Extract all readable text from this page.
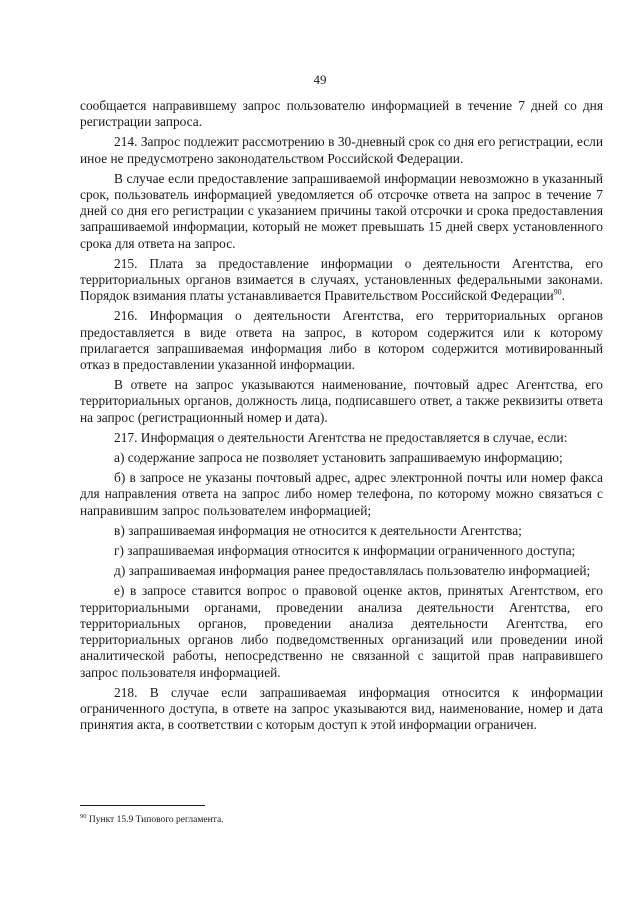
49

сообщается направившему запрос пользователю информацией в течение 7 дней со дня регистрации запроса.

214. Запрос подлежит рассмотрению в 30-дневный срок со дня его регистрации, если иное не предусмотрено законодательством Российской Федерации.

В случае если предоставление запрашиваемой информации невозможно в указанный срок, пользователь информацией уведомляется об отсрочке ответа на запрос в течение 7 дней со дня его регистрации с указанием причины такой отсрочки и срока предоставления запрашиваемой информации, который не может превышать 15 дней сверх установленного срока для ответа на запрос.

215. Плата за предоставление информации о деятельности Агентства, его территориальных органов взимается в случаях, установленных федеральными законами. Порядок взимания платы устанавливается Правительством Российской Федерации$^{90}$.

216. Информация о деятельности Агентства, его территориальных органов предоставляется в виде ответа на запрос, в котором содержится или к которому прилагается запрашиваемая информация либо в котором содержится мотивированный отказ в предоставлении указанной информации.

В ответе на запрос указываются наименование, почтовый адрес Агентства, его территориальных органов, должность лица, подписавшего ответ, а также реквизиты ответа на запрос (регистрационный номер и дата).

217. Информация о деятельности Агентства не предоставляется в случае, если:

а) содержание запроса не позволяет установить запрашиваемую информацию;

б) в запросе не указаны почтовый адрес, адрес электронной почты или номер факса для направления ответа на запрос либо номер телефона, по которому можно связаться с направившим запрос пользователем информацией;

в) запрашиваемая информация не относится к деятельности Агентства;

г) запрашиваемая информация относится к информации ограниченного доступа;

д) запрашиваемая информация ранее предоставлялась пользователю информацией;

е) в запросе ставится вопрос о правовой оценке актов, принятых Агентством, его территориальными органами, проведении анализа деятельности Агентства, его территориальных органов, проведении анализа деятельности Агентства, его территориальных органов либо подведомственных организаций или проведении иной аналитической работы, непосредственно не связанной с защитой прав направившего запрос пользователя информацией.

218. В случае если запрашиваемая информация относится к информации ограниченного доступа, в ответе на запрос указываются вид, наименование, номер и дата принятия акта, в соответствии с которым доступ к этой информации ограничен.

$^{90}$ Пункт 15.9 Типового регламента.
